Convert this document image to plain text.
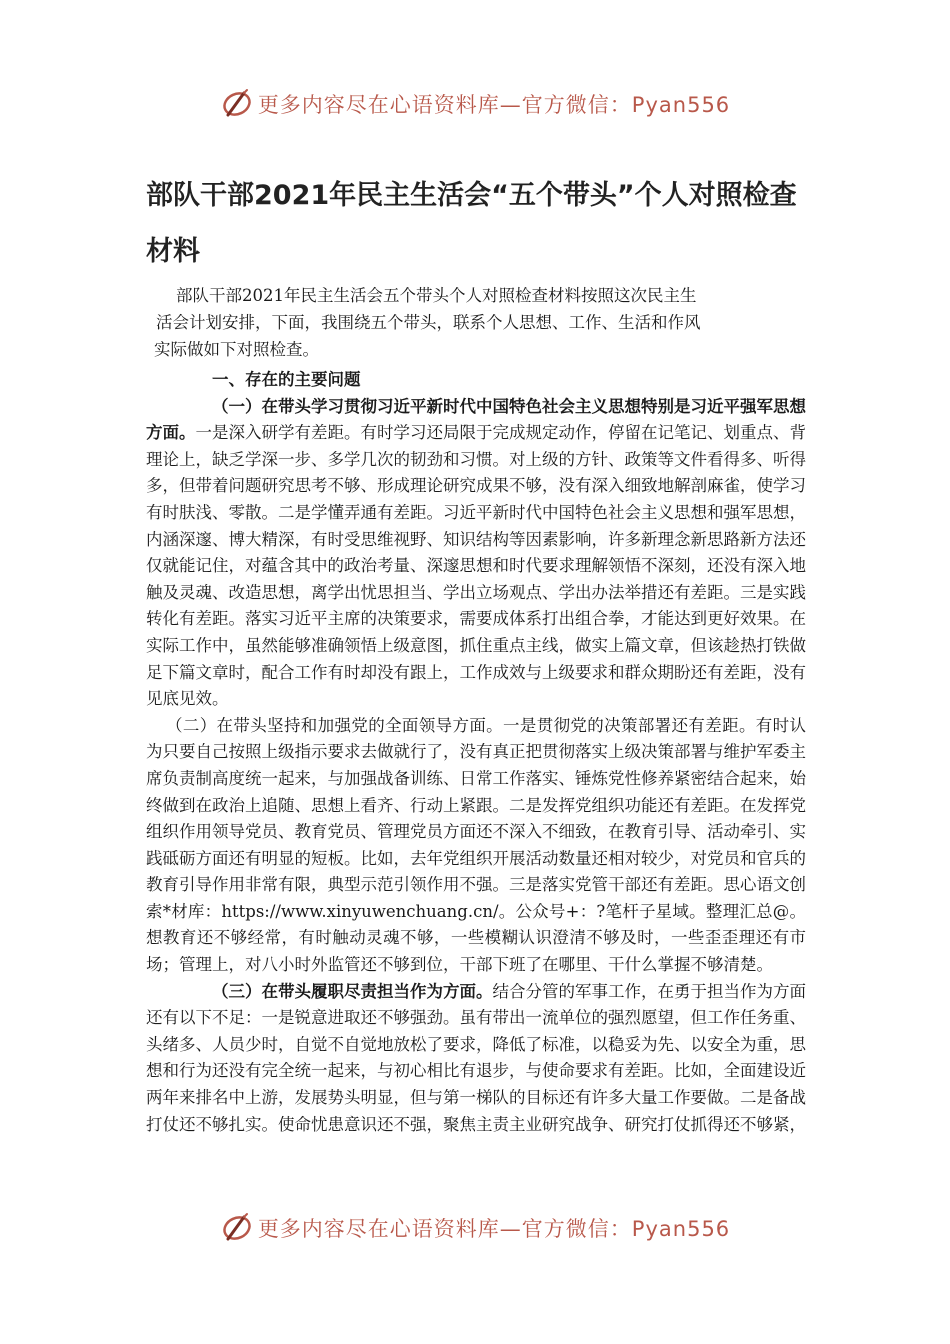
更多内容尽在心语资料库—官方微信：Pyan556
部队干部2021年民主生活会“五个带头”个人对照检查材料

部队干部2021年民主生活会五个带头个人对照检查材料按照这次民主生

活会计划安排，下面，我围绕五个带头，联系个人思想、工作、生活和作风

实际做如下对照检查。

一、存在的主要问题

（一）在带头学习贯彻习近平新时代中国特色社会主义思想特别是习近平强军思想方面。一是深入研学有差距。有时学习还局限于完成规定动作，停留在记笔记、划重点、背理论上，缺乏学深一步、多学几次的韧劲和习惯。对上级的方针、政策等文件看得多、听得多，但带着问题研究思考不够、形成理论研究成果不够，没有深入细致地解剖麻雀，使学习有时肤浅、零散。二是学懂弄通有差距。习近平新时代中国特色社会主义思想和强军思想，内涵深邃、博大精深，有时受思维视野、知识结构等因素影响，许多新理念新思路新方法还仅就能记住，对蕴含其中的政治考量、深邃思想和时代要求理解领悟不深刻，还没有深入地触及灵魂、改造思想，离学出忧思担当、学出立场观点、学出办法举措还有差距。三是实践转化有差距。落实习近平主席的决策要求，需要成体系打出组合拳，才能达到更好效果。在实际工作中，虽然能够准确领悟上级意图，抓住重点主线，做实上篇文章，但该趁热打铁做足下篇文章时，配合工作有时却没有跟上，工作成效与上级要求和群众期盼还有差距，没有见底见效。

（二）在带头坚持和加强党的全面领导方面。一是贯彻党的决策部署还有差距。有时认为只要自己按照上级指示要求去做就行了，没有真正把贯彻落实上级决策部署与维护军委主席负责制高度统一起来，与加强战备训练、日常工作落实、锤炼党性修养紧密结合起来，始终做到在政治上追随、思想上看齐、行动上紧跟。二是发挥党组织功能还有差距。在发挥党组织作用领导党员、教育党员、管理党员方面还不深入不细致，在教育引导、活动牵引、实践砥砺方面还有明显的短板。比如，去年党组织开展活动数量还相对较少，对党员和官兵的教育引导作用非常有限，典型示范引领作用不强。三是落实党管干部还有差距。思心语文创索*材库：https://www.xinyuwenchuang.cn/。公众号+：?笔杆子星域。整理汇总@。想教育还不够经常，有时触动灵魂不够，一些模糊认识澄清不够及时，一些歪歪理还有市场；管理上，对八小时外监管还不够到位，干部下班了在哪里、干什么掌握不够清楚。

（三）在带头履职尽责担当作为方面。结合分管的军事工作，在勇于担当作为方面还有以下不足：一是锐意进取还不够强劲。虽有带出一流单位的强烈愿望，但工作任务重、头绪多、人员少时，自觉不自觉地放松了要求，降低了标准，以稳妥为先、以安全为重，思想和行为还没有完全统一起来，与初心相比有退步，与使命要求有差距。比如，全面建设近两年来排名中上游，发展势头明显，但与第一梯队的目标还有许多大量工作要做。二是备战打仗还不够扎实。使命忧患意识还不强，聚焦主责主业研究战争、研究打仗抓得还不够紧，

更多内容尽在心语资料库—官方微信：Pyan556
